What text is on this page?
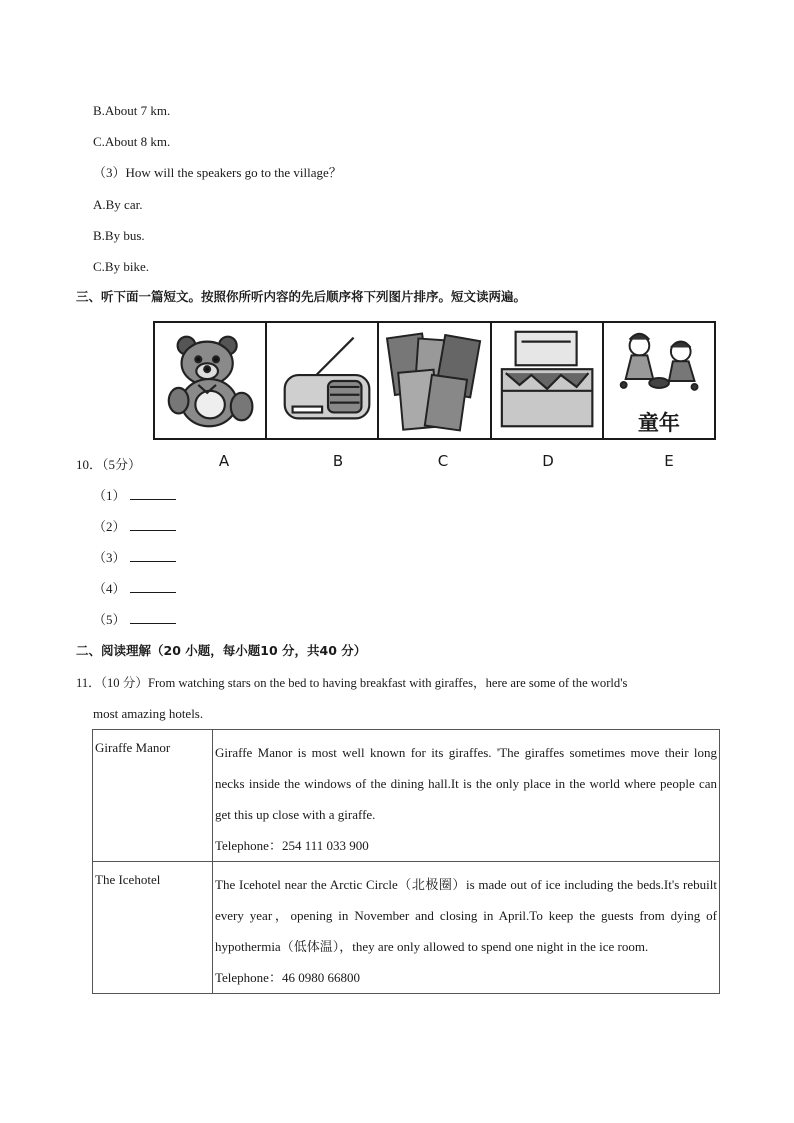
B.About 7 km.
C.About 8 km.
（3）How will the speakers go to the village？
A.By car.
B.By bus.
C.By bike.
三、听下面一篇短文。按照你所听内容的先后顺序将下列图片排序。短文读两遍。
童年
A	B	C	D	E
10．（5分）
（1）
（2）
（3）
（4）
（5）
二、阅读理解（20 小题，每小题10 分，共40 分）
11．（10 分）From watching stars on the bed to having breakfast with giraffes，here are some of the world's
most amazing hotels.
Giraffe Manor	Giraffe Manor is most well known for its giraffes. 'The giraffes sometimes move their long necks inside the windows of the dining hall.It is the only place in the world where people can get this up close with a giraffe.

Telephone：254 111 033 900

The Icehotel	The Icehotel near the Arctic Circle（北极圈）is made out of ice including the beds.It's rebuilt every year，opening in November and closing in April.To keep the guests from dying of hypothermia（低体温），they are only allowed to spend one night in the ice room.

Telephone：46 0980 66800
